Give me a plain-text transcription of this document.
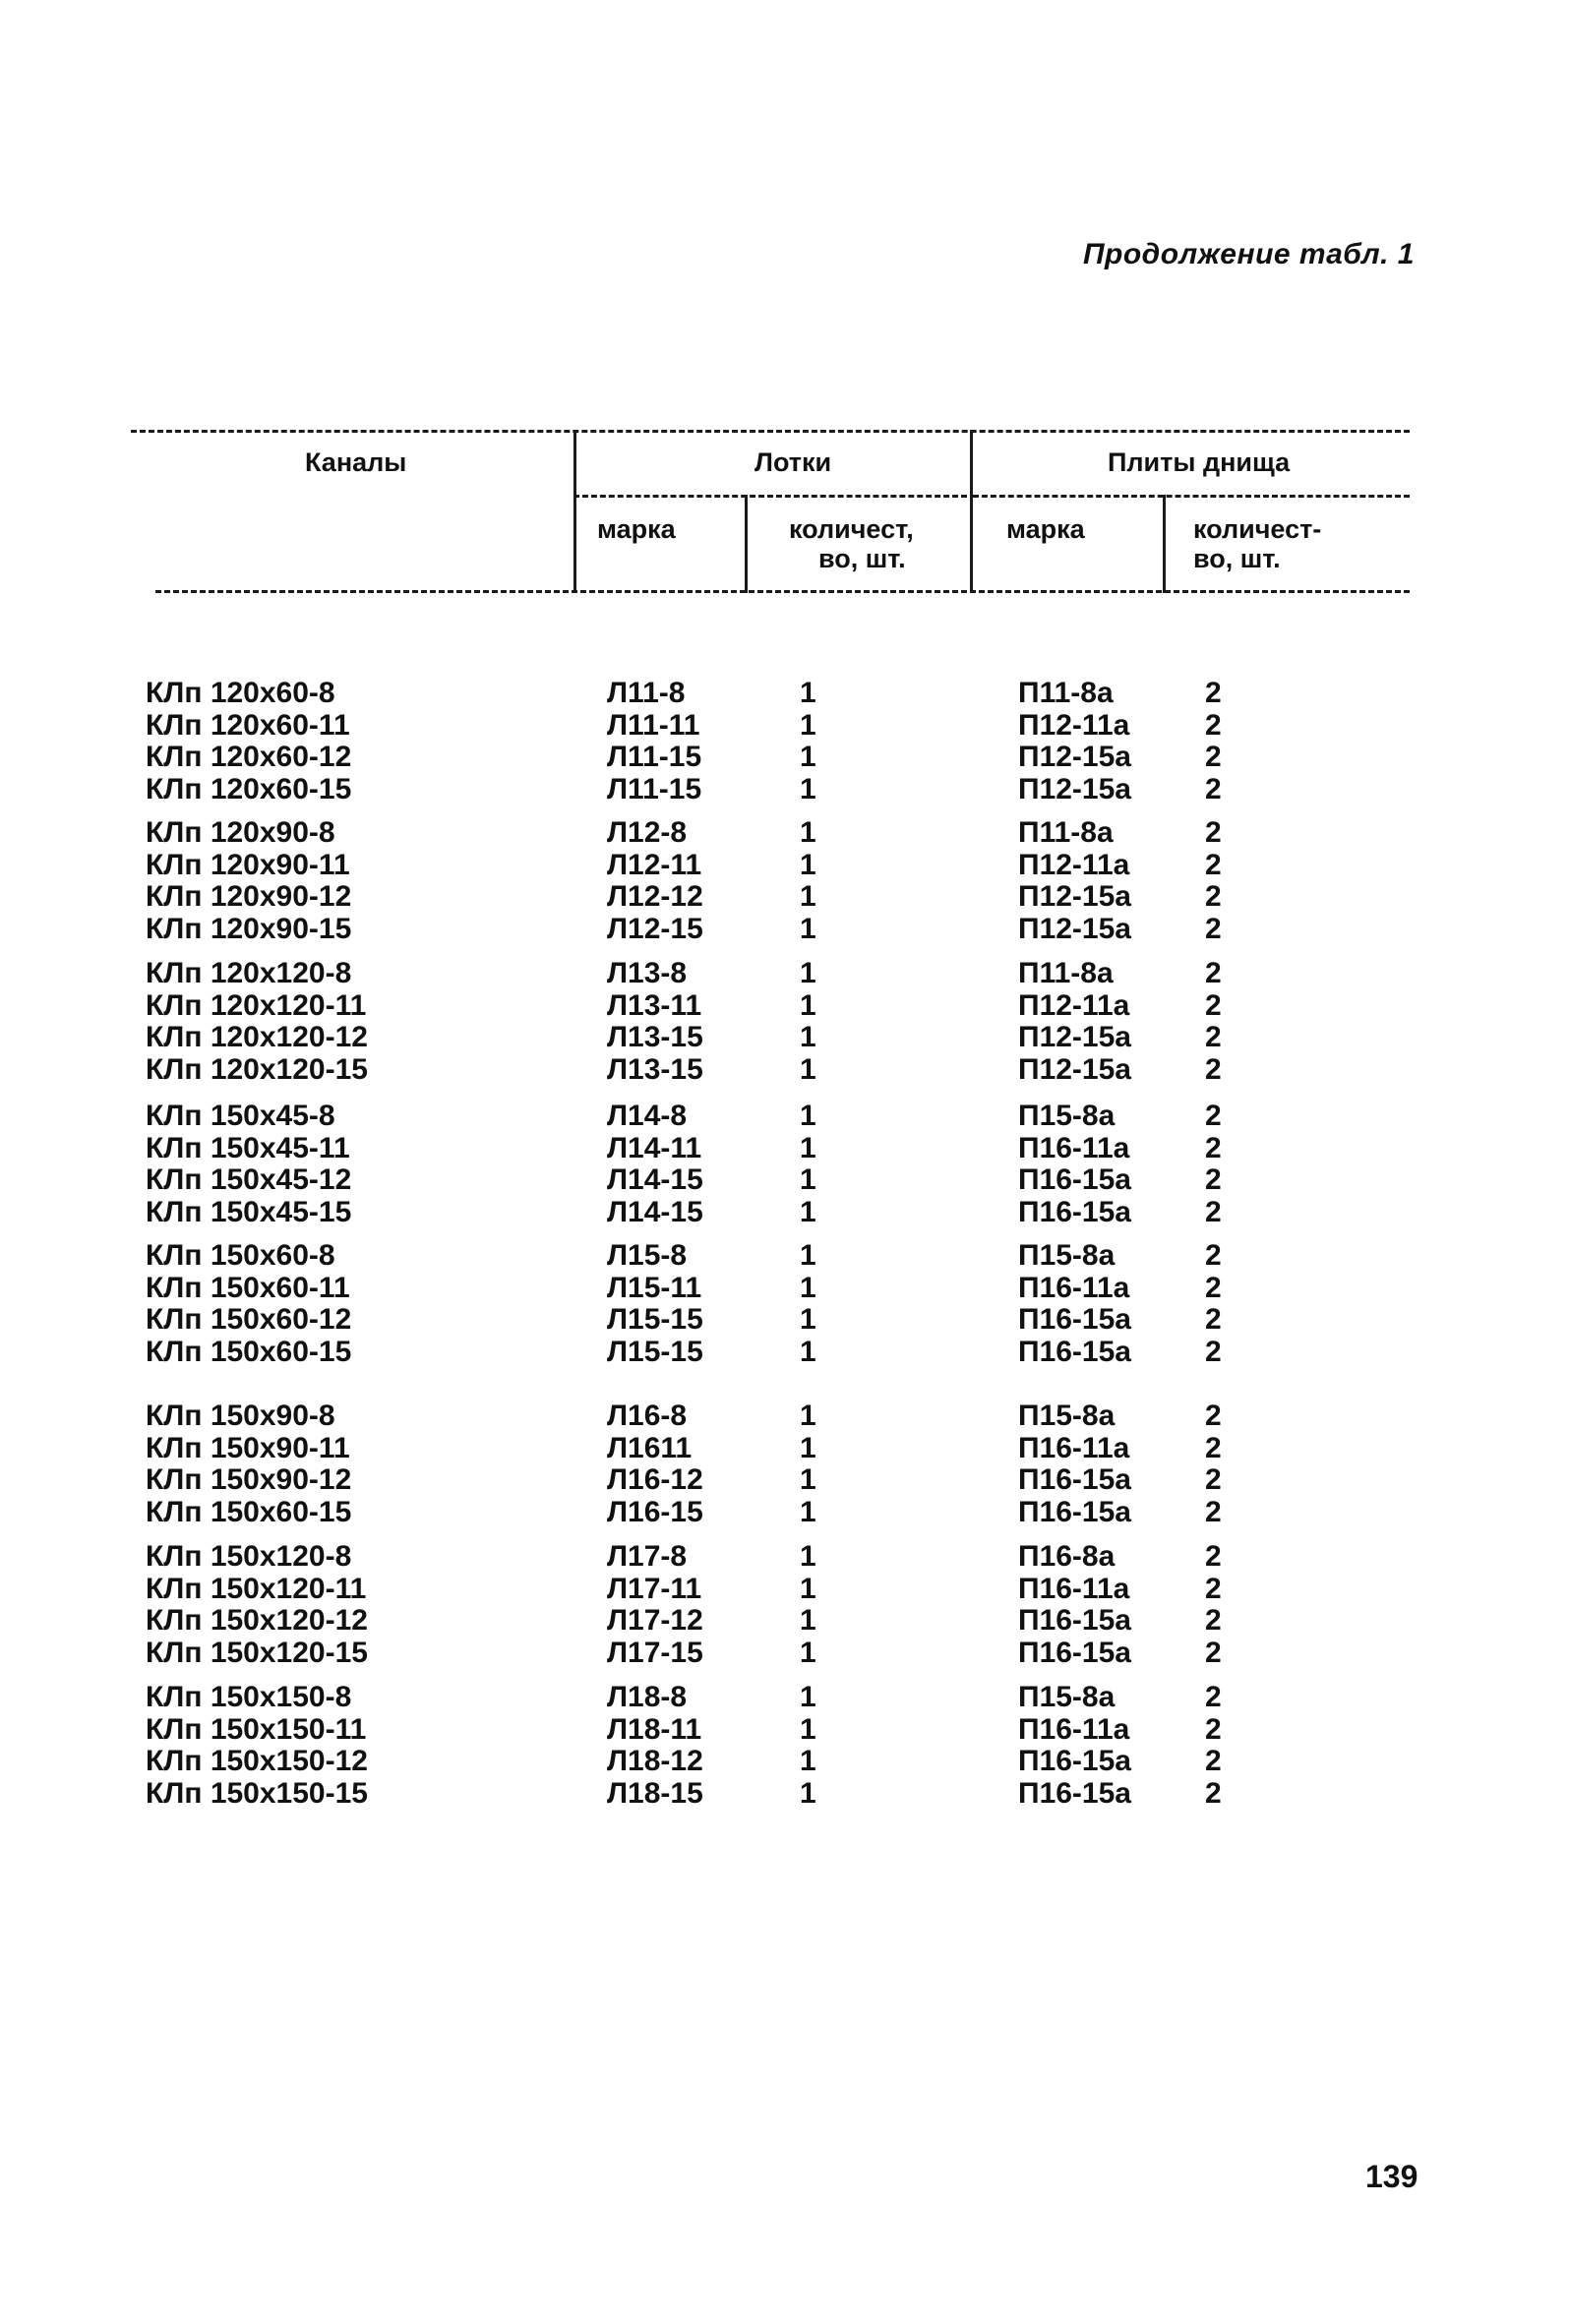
Продолжение табл. 1
Каналы	Лотки	Плиты днища
марка	количест,
во, шт.
марка	количест-
во, шт.
КЛп 120х60-8	Л11-8	1	П11-8а	2
КЛп 120х60-11	Л11-11	1	П12-11а	2
КЛп 120х60-12	Л11-15	1	П12-15а	2
КЛп 120х60-15	Л11-15	1	П12-15а	2
КЛп 120х90-8	Л12-8	1	П11-8а	2
КЛп 120х90-11	Л12-11	1	П12-11а	2
КЛп 120х90-12	Л12-12	1	П12-15а	2
КЛп 120х90-15	Л12-15	1	П12-15а	2
КЛп 120х120-8	Л13-8	1	П11-8а	2
КЛп 120х120-11	Л13-11	1	П12-11а	2
КЛп 120х120-12	Л13-15	1	П12-15а	2
КЛп 120х120-15	Л13-15	1	П12-15а	2
КЛп 150х45-8	Л14-8	1	П15-8а	2
КЛп 150х45-11	Л14-11	1	П16-11а	2
КЛп 150х45-12	Л14-15	1	П16-15а	2
КЛп 150х45-15	Л14-15	1	П16-15а	2
КЛп 150х60-8	Л15-8	1	П15-8а	2
КЛп 150х60-11	Л15-11	1	П16-11а	2
КЛп 150х60-12	Л15-15	1	П16-15а	2
КЛп 150х60-15	Л15-15	1	П16-15а	2
КЛп 150х90-8	Л16-8	1	П15-8а	2
КЛп 150х90-11	Л1611	1	П16-11а	2
КЛп 150х90-12	Л16-12	1	П16-15а	2
КЛп 150х60-15	Л16-15	1	П16-15а	2
КЛп 150х120-8	Л17-8	1	П16-8а	2
КЛп 150х120-11	Л17-11	1	П16-11а	2
КЛп 150х120-12	Л17-12	1	П16-15а	2
КЛп 150х120-15	Л17-15	1	П16-15а	2
КЛп 150х150-8	Л18-8	1	П15-8а	2
КЛп 150х150-11	Л18-11	1	П16-11а	2
КЛп 150х150-12	Л18-12	1	П16-15а	2
КЛп 150х150-15	Л18-15	1	П16-15а	2
139
